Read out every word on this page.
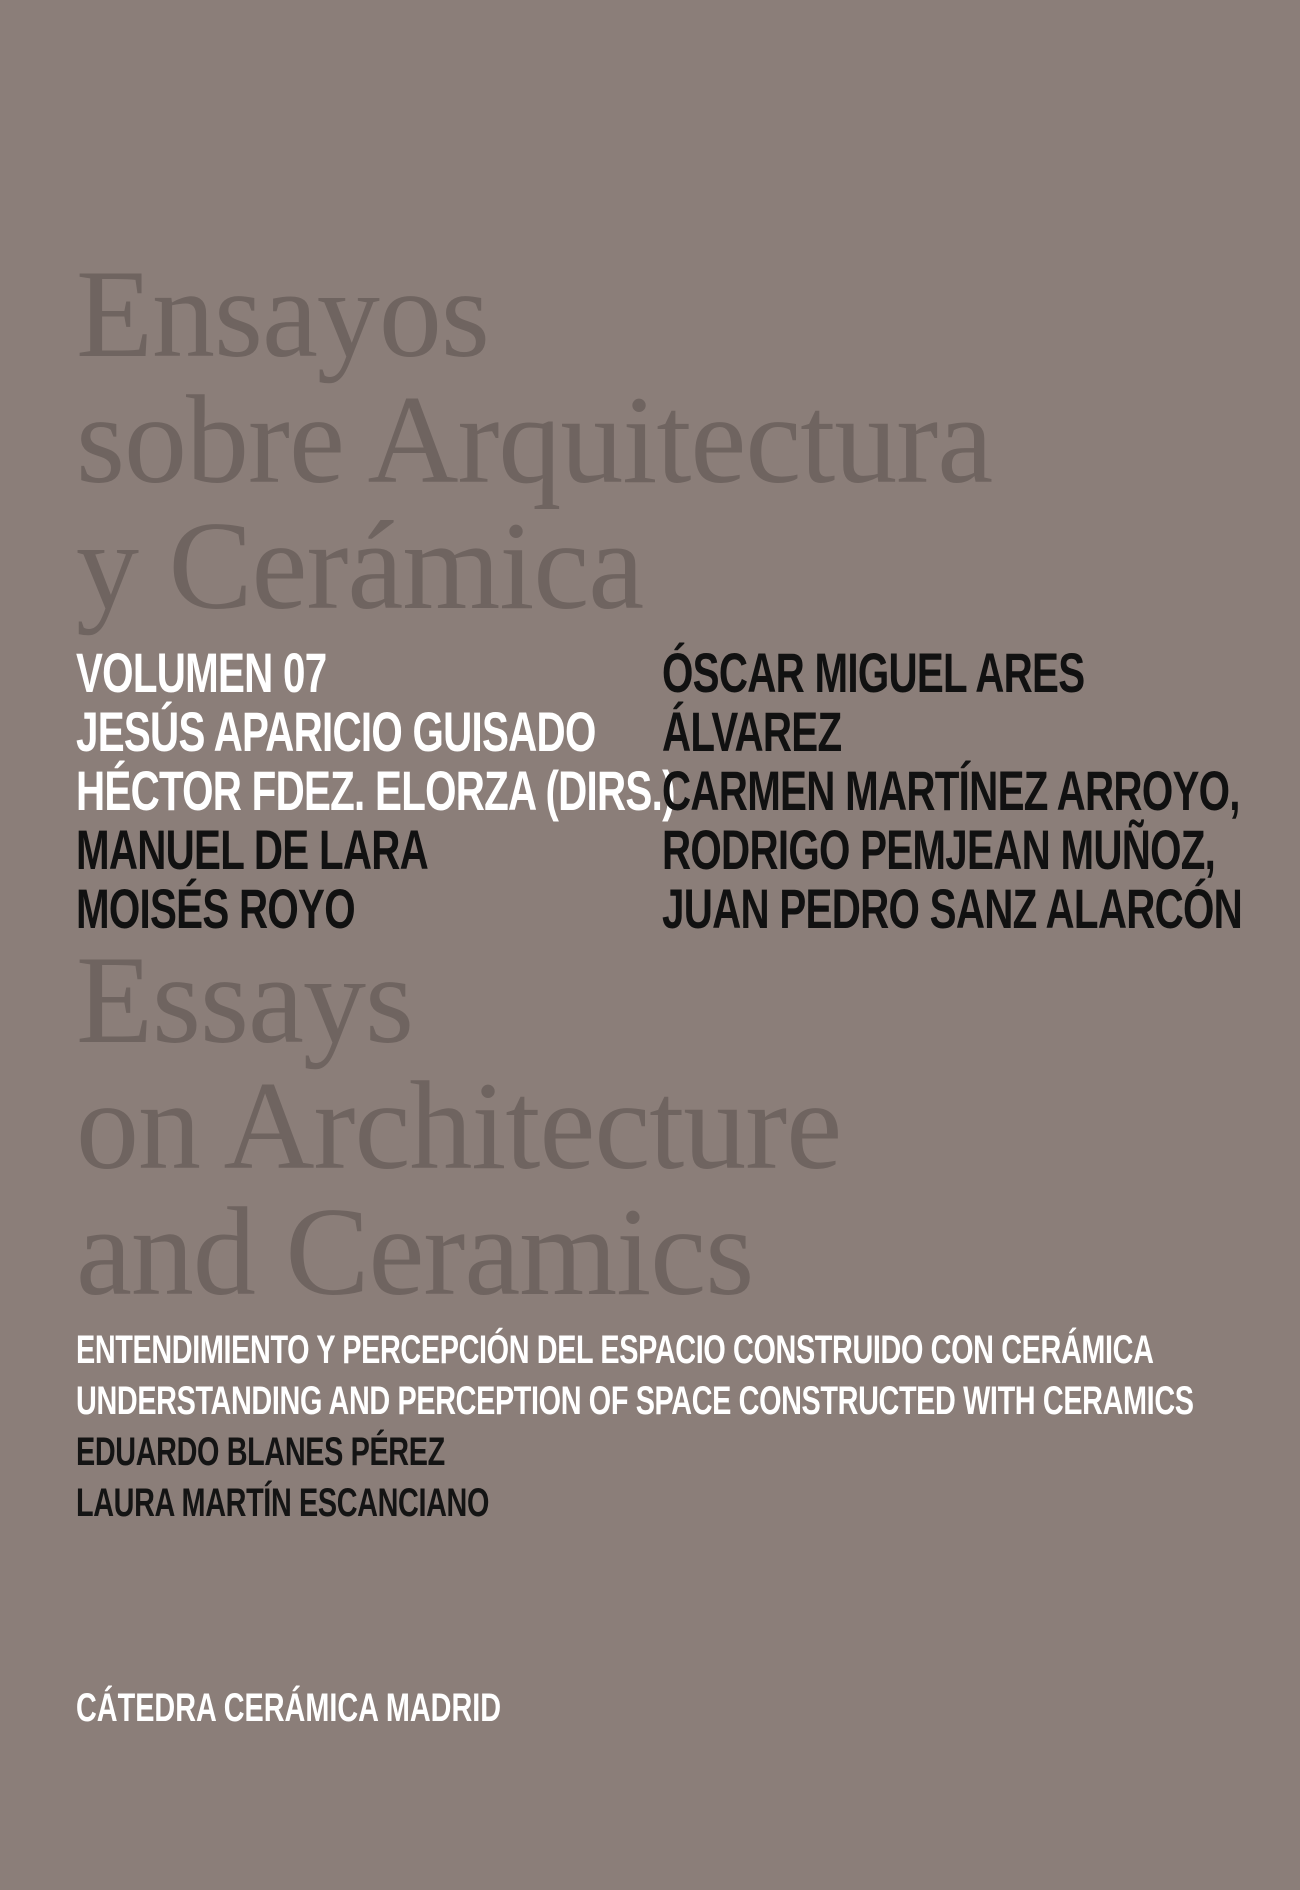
Ensayos
sobre Arquitectura
y Cerámica
VOLUMEN 07
JESÚS APARICIO GUISADO
HÉCTOR FDEZ. ELORZA (DIRS.)
MANUEL DE LARA
MOISÉS ROYO
ÓSCAR MIGUEL ARES
ÁLVAREZ
CARMEN MARTÍNEZ ARROYO,
RODRIGO PEMJEAN MUÑOZ,
JUAN PEDRO SANZ ALARCÓN
Essays
on Architecture
and Ceramics
ENTENDIMIENTO Y PERCEPCIÓN DEL ESPACIO CONSTRUIDO CON CERÁMICA
UNDERSTANDING AND PERCEPTION OF SPACE CONSTRUCTED WITH CERAMICS
EDUARDO BLANES PÉREZ
LAURA MARTÍN ESCANCIANO

CÁTEDRA CERÁMICA MADRID
